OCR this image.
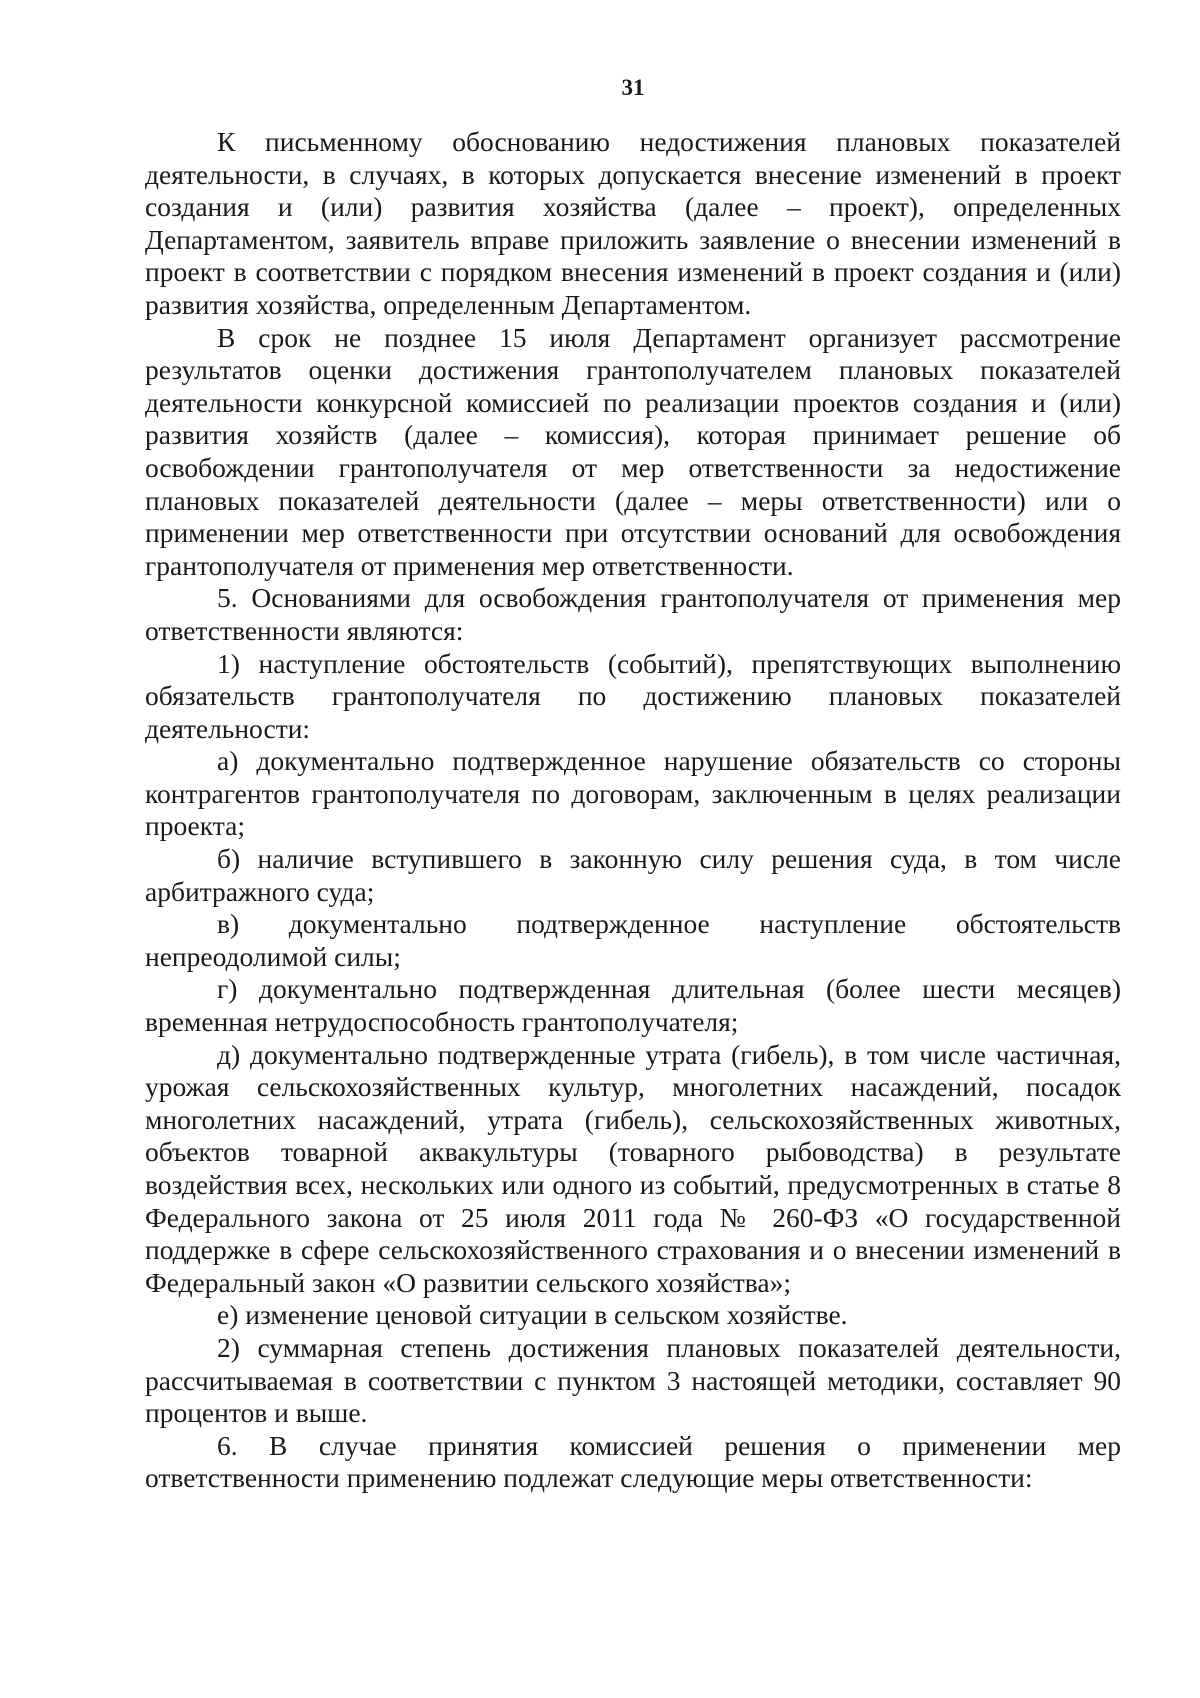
31

К письменному обоснованию недостижения плановых показателей деятельности, в случаях, в которых допускается внесение изменений в проект создания и (или) развития хозяйства (далее – проект), определенных Департаментом, заявитель вправе приложить заявление о внесении изменений в проект в соответствии с порядком внесения изменений в проект создания и (или) развития хозяйства, определенным Департаментом.

В срок не позднее 15 июля Департамент организует рассмотрение результатов оценки достижения грантополучателем плановых показателей деятельности конкурсной комиссией по реализации проектов создания и (или) развития хозяйств (далее – комиссия), которая принимает решение об освобождении грантополучателя от мер ответственности за недостижение плановых показателей деятельности (далее – меры ответственности) или о применении мер ответственности при отсутствии оснований для освобождения грантополучателя от применения мер ответственности.

5. Основаниями для освобождения грантополучателя от применения мер ответственности являются:

1) наступление обстоятельств (событий), препятствующих выполнению обязательств грантополучателя по достижению плановых показателей деятельности:

а) документально подтвержденное нарушение обязательств со стороны контрагентов грантополучателя по договорам, заключенным в целях реализации проекта;

б) наличие вступившего в законную силу решения суда, в том числе арбитражного суда;

в) документально подтвержденное наступление обстоятельств непреодолимой силы;

г) документально подтвержденная длительная (более шести месяцев) временная нетрудоспособность грантополучателя;

д) документально подтвержденные утрата (гибель), в том числе частичная, урожая сельскохозяйственных культур, многолетних насаждений, посадок многолетних насаждений, утрата (гибель), сельскохозяйственных животных, объектов товарной аквакультуры (товарного рыбоводства) в результате воздействия всех, нескольких или одного из событий, предусмотренных в статье 8 Федерального закона от 25 июля 2011 года № 260-ФЗ «О государственной поддержке в сфере сельскохозяйственного страхования и о внесении изменений в Федеральный закон «О развитии сельского хозяйства»;

е) изменение ценовой ситуации в сельском хозяйстве.

2) суммарная степень достижения плановых показателей деятельности, рассчитываемая в соответствии с пунктом 3 настоящей методики, составляет 90 процентов и выше.

6. В случае принятия комиссией решения о применении мер ответственности применению подлежат следующие меры ответственности:
